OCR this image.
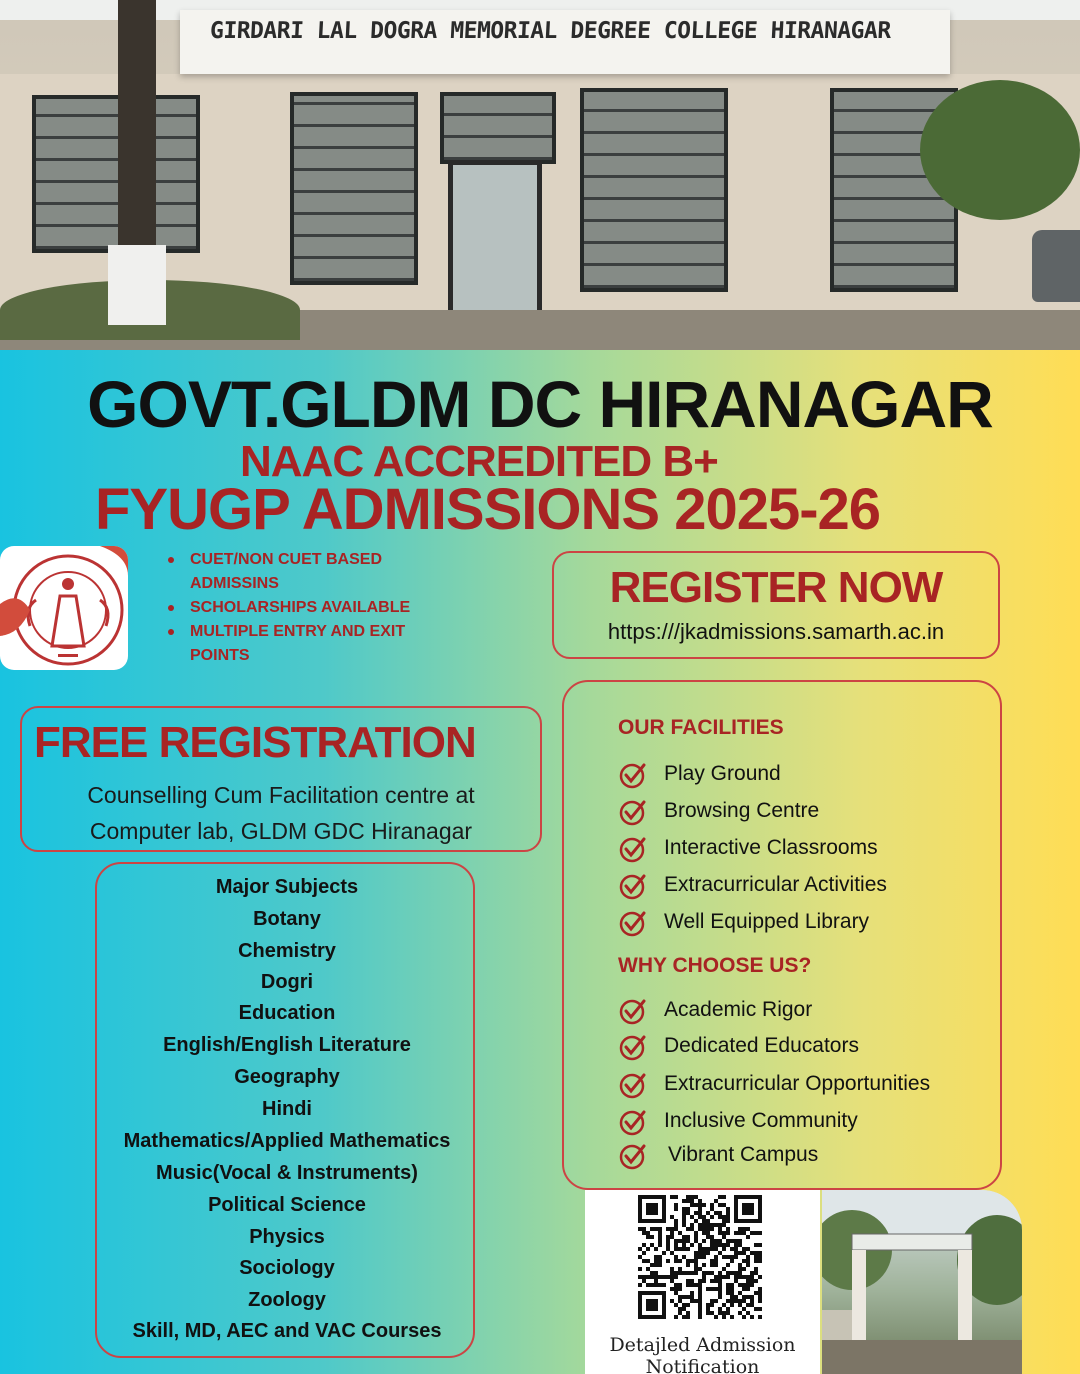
GIRDARI LAL DOGRA MEMORIAL DEGREE COLLEGE HIRANAGAR
GOVT.GLDM DC HIRANAGAR
NAAC ACCREDITED B+
FYUGP ADMISSIONS 2025-26
CUET/NON CUET BASED ADMISSINS
SCHOLARSHIPS AVAILABLE
MULTIPLE ENTRY AND EXIT POINTS
REGISTER NOW
https:///jkadmissions.samarth.ac.in
FREE REGISTRATION
Counselling Cum Facilitation centre at
Computer lab, GLDM GDC Hiranagar
Major Subjects
Botany
Chemistry
Dogri
Education
English/English Literature
Geography
Hindi
Mathematics/Applied Mathematics
Music(Vocal & Instruments)
Political Science
Physics
Sociology
Zoology
Skill, MD, AEC and VAC Courses
OUR FACILITIES
Play Ground
Browsing Centre
Interactive Classrooms
Extracurricular Activities
Well Equipped Library
WHY CHOOSE US?
Academic Rigor
Dedicated Educators
Extracurricular Opportunities
Inclusive Community
Vibrant Campus
Detajled Admission
Notification
